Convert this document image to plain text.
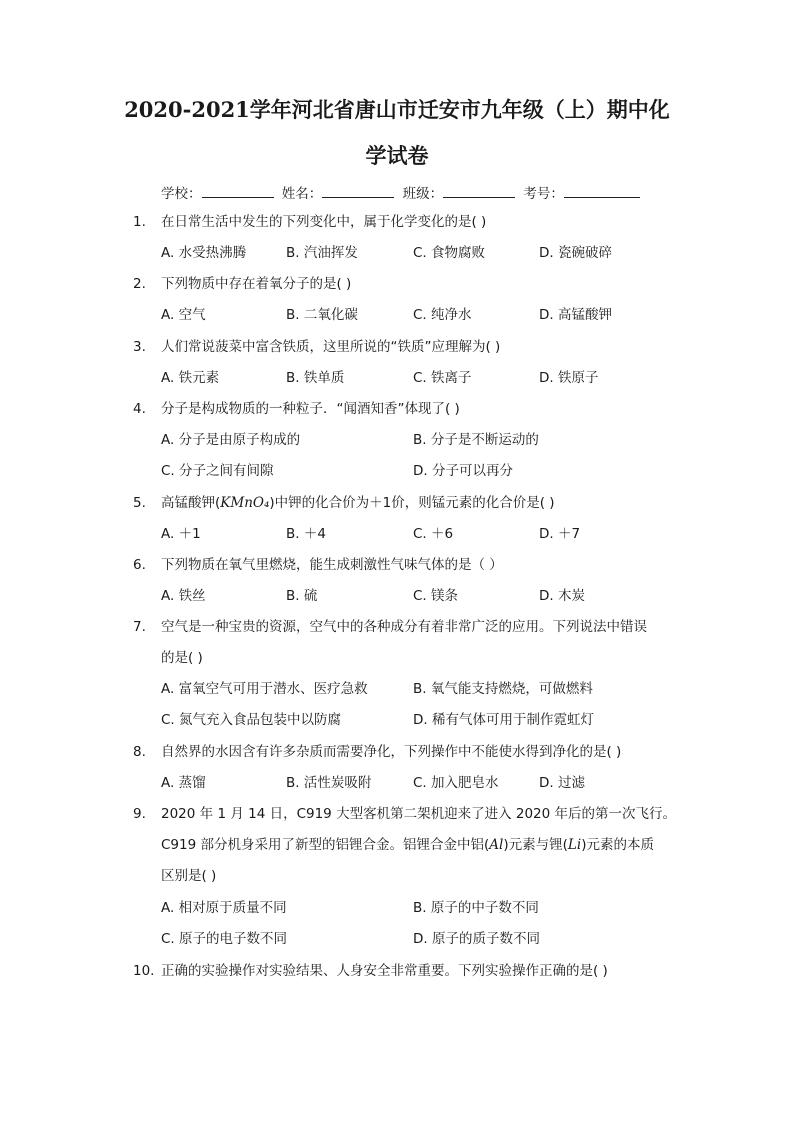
2020-2021学年河北省唐山市迁安市九年级（上）期中化
学试卷
学校：	姓名：	班级：	考号：
1.	在日常生活中发生的下列变化中，属于化学变化的是( )
A. 水受热沸腾	B. 汽油挥发	C. 食物腐败	D. 瓷碗破碎
2.	下列物质中存在着氧分子的是( )
A. 空气	B. 二氧化碳	C. 纯净水	D. 高锰酸钾
3.	人们常说菠菜中富含铁质，这里所说的“铁质”应理解为( )
A. 铁元素	B. 铁单质	C. 铁离子	D. 铁原子
4.	分子是构成物质的一种粒子．“闻酒知香”体现了( )
A. 分子是由原子构成的	B. 分子是不断运动的
C. 分子之间有间隙	D. 分子可以再分
5.	高锰酸钾(KMnO₄)中钾的化合价为＋1价，则锰元素的化合价是( )
A. ＋1	B. ＋4	C. ＋6	D. ＋7
6.	下列物质在氧气里燃烧，能生成刺激性气味气体的是（ ）
A. 铁丝	B. 硫	C. 镁条	D. 木炭
7.	空气是一种宝贵的资源，空气中的各种成分有着非常广泛的应用。下列说法中错误
的是( )
A. 富氧空气可用于潜水、医疗急救	B. 氧气能支持燃烧，可做燃料
C. 氮气充入食品包装中以防腐	D. 稀有气体可用于制作霓虹灯
8.	自然界的水因含有许多杂质而需要净化，下列操作中不能使水得到净化的是( )
A. 蒸馏	B. 活性炭吸附	C. 加入肥皂水	D. 过滤
9.	2020 年 1 月 14 日，C919 大型客机第二架机迎来了进入 2020 年后的第一次飞行。
C919 部分机身采用了新型的铝锂合金。铝锂合金中铝(Al)元素与锂(Li)元素的本质
区别是( )
A. 相对原于质量不同	B. 原子的中子数不同
C. 原子的电子数不同	D. 原子的质子数不同
10. 正确的实验操作对实验结果、人身安全非常重要。下列实验操作正确的是( )
